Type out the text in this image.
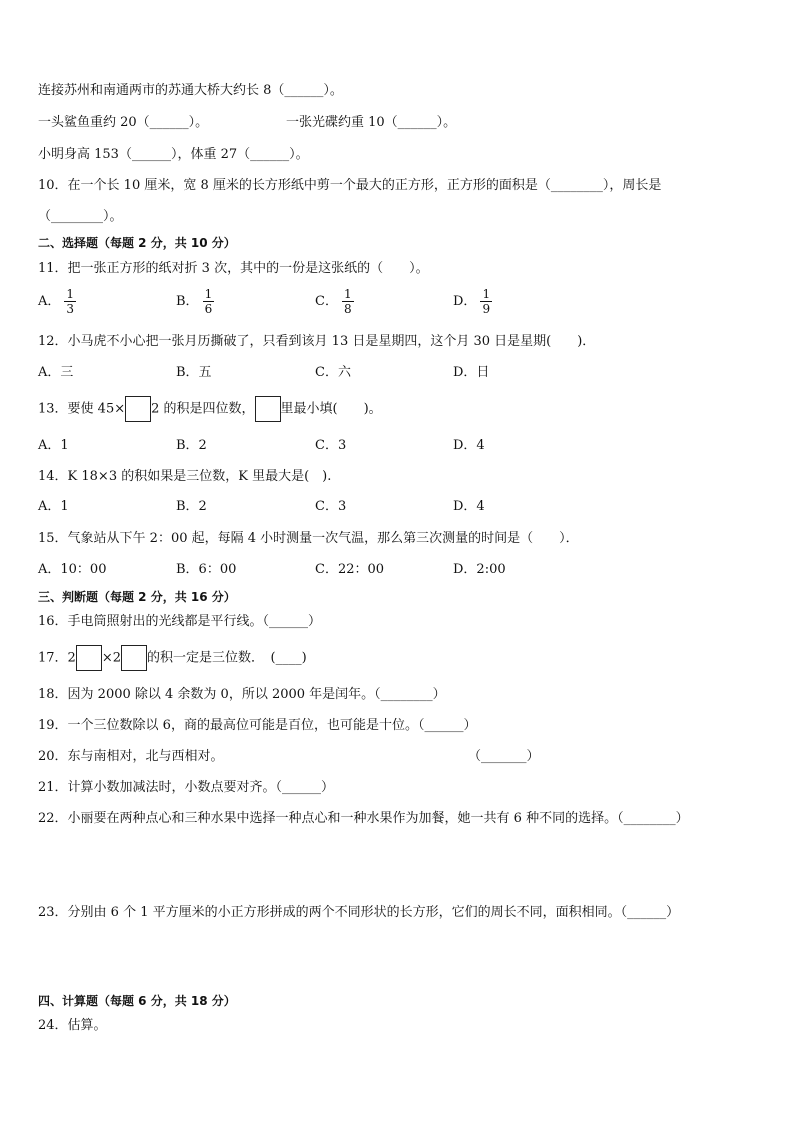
连接苏州和南通两市的苏通大桥大约长 8（______）。
一头鲨鱼重约 20（______）。	一张光碟约重 10（______）。
小明身高 153（______），体重 27（______）。
10．在一个长 10 厘米，宽 8 厘米的长方形纸中剪一个最大的正方形，正方形的面积是（________），周长是
（________）。
二、选择题（每题 2 分，共 10 分）
11．把一张正方形的纸对折 3 次，其中的一份是这张纸的（　　）。
A． $\frac{1}{3}$	B． $\frac{1}{6}$	C． $\frac{1}{8}$	D． $\frac{1}{9}$
12．小马虎不小心把一张月历撕破了，只看到该月 13 日是星期四，这个月 30 日是星期(　　)．
A．三	B．五	C．六	D．日
13．要使 45× 2 的积是四位数， 里最小填(　　)。
A．1	B．2	C．3	D．4
14．K 18×3 的积如果是三位数，K 里最大是(　).
A．1	B．2	C．3	D．4
15．气象站从下午 2：00 起，每隔 4 小时测量一次气温，那么第三次测量的时间是（　　）．
A．10：00	B．6：00	C．22：00	D．2:00
三、判断题（每题 2 分，共 16 分）
16．手电筒照射出的光线都是平行线。（______）
17．2 ×2 的积一定是三位数．　(____)
18．因为 2000 除以 4 余数为 0，所以 2000 年是闰年。（________）
19．一个三位数除以 6，商的最高位可能是百位，也可能是十位。（______）
20．东与南相对，北与西相对。	（_______）
21．计算小数加减法时，小数点要对齐。（______）
22．小丽要在两种点心和三种水果中选择一种点心和一种水果作为加餐，她一共有 6 种不同的选择。（________）
23．分别由 6 个 1 平方厘米的小正方形拼成的两个不同形状的长方形，它们的周长不同，面积相同。（______）
四、计算题（每题 6 分，共 18 分）
24．估算。
